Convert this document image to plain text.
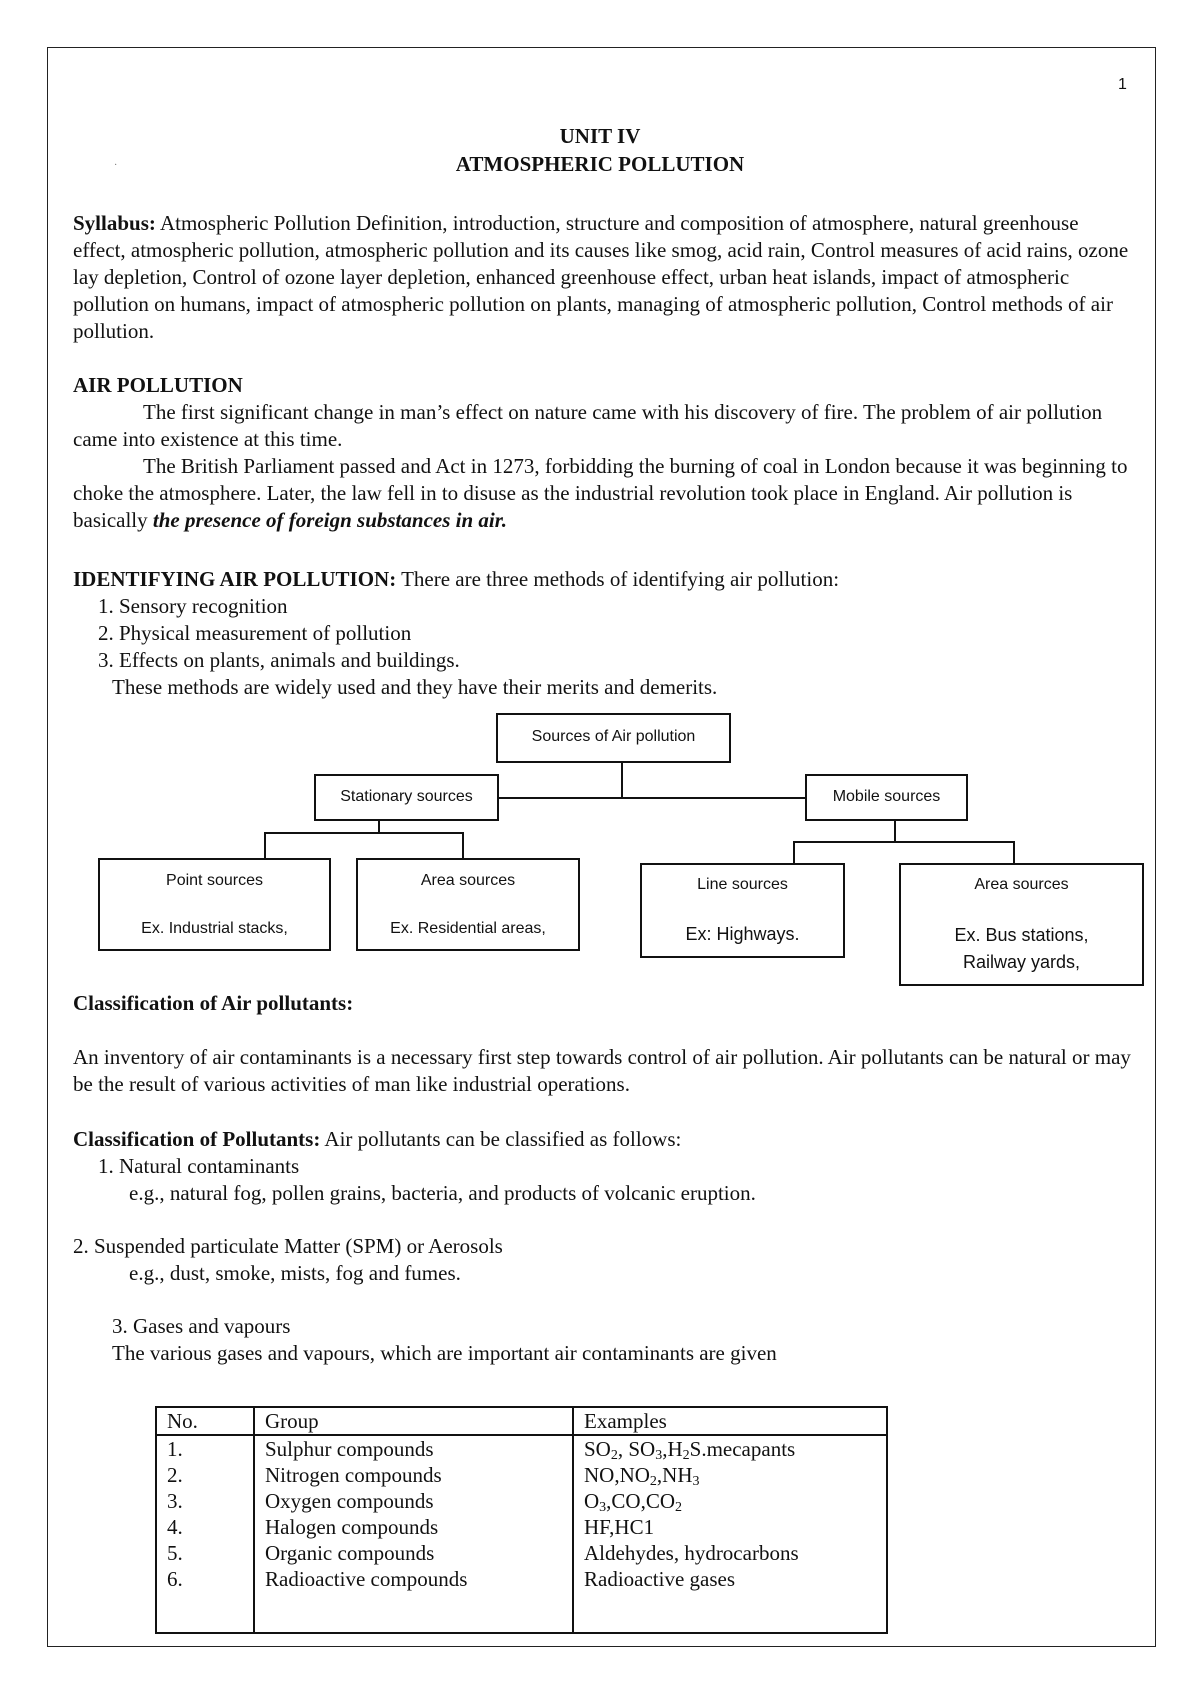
1
·
UNIT IV
ATMOSPHERIC POLLUTION

Syllabus: Atmospheric Pollution Definition, introduction, structure and composition of atmosphere, natural greenhouse effect, atmospheric pollution, atmospheric pollution and its causes like smog, acid rain, Control measures of acid rains, ozone lay depletion, Control of ozone layer depletion, enhanced greenhouse effect, urban heat islands, impact of atmospheric pollution on humans, impact of atmospheric pollution on plants, managing of atmospheric pollution, Control methods of air pollution.

AIR POLLUTION

The first significant change in man’s effect on nature came with his discovery of fire. The problem of air pollution came into existence at this time.

The British Parliament passed and Act in 1273, forbidding the burning of coal in London because it was beginning to choke the atmosphere. Later, the law fell in to disuse as the industrial revolution took place in England. Air pollution is basically the presence of foreign substances in air.

IDENTIFYING AIR POLLUTION: There are three methods of identifying air pollution:

1. Sensory recognition

2. Physical measurement of pollution

3. Effects on plants, animals and buildings.

These methods are widely used and they have their merits and demerits.

Sources of Air pollution
Stationary sources	Mobile sources
Point sources
Ex. Industrial stacks,
Area sources
Ex. Residential areas,
Line sources
Ex: Highways.
Area sources
Ex. Bus stations,
Railway yards,

Classification of Air pollutants:

An inventory of air contaminants is a necessary first step towards control of air pollution. Air pollutants can be natural or may be the result of various activities of man like industrial operations.

Classification of Pollutants: Air pollutants can be classified as follows:

1. Natural contaminants

e.g., natural fog, pollen grains, bacteria, and products of volcanic eruption.

2. Suspended particulate Matter (SPM) or Aerosols

e.g., dust, smoke, mists, fog and fumes.

3. Gases and vapours

The various gases and vapours, which are important air contaminants are given

No.	Group	Examples
1.	Sulphur compounds	$SO_2$, $SO_3,H_2S.mecapants$
2.	Nitrogen compounds	$NO,NO_2,NH_3$
3.	Oxygen compounds	$O_3,CO,CO_2$
4.	Halogen compounds	HF,HC1
5.	Organic compounds	Aldehydes, hydrocarbons
6.	Radioactive compounds	Radioactive gases
